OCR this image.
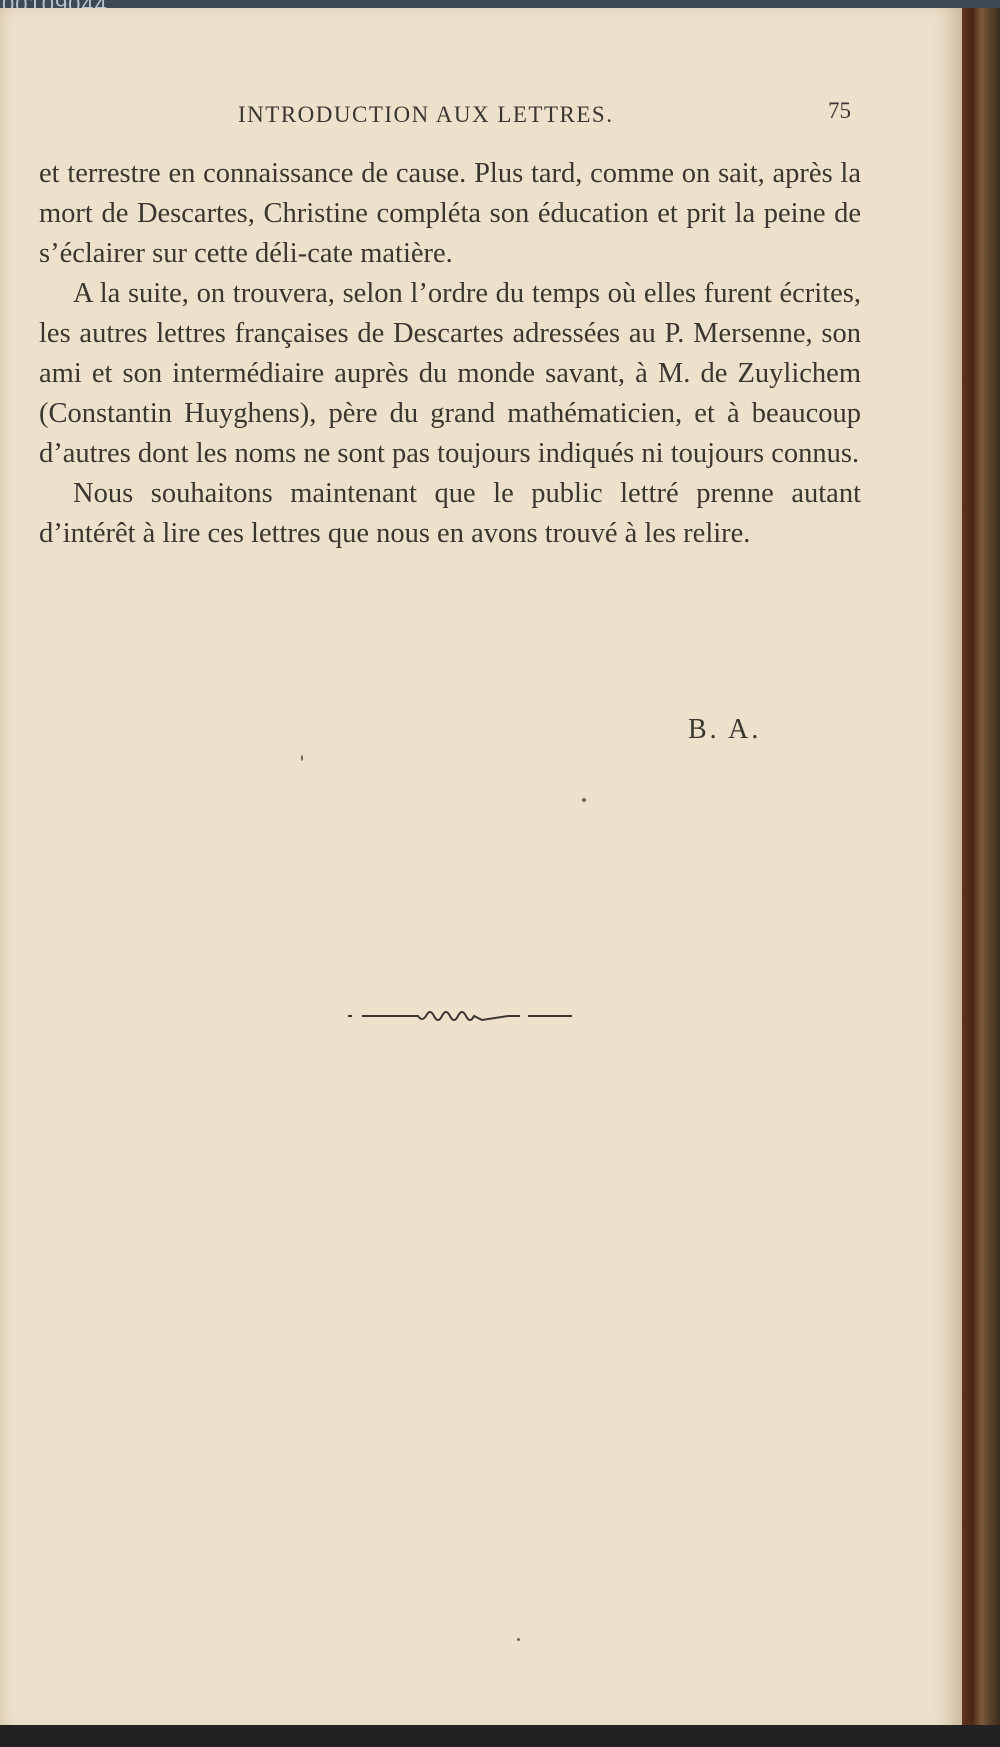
INTRODUCTION AUX LETTRES.	75

et terrestre en connaissance de cause. Plus tard, comme on sait, après la mort de Descartes, Christine compléta son éducation et prit la peine de s’éclairer sur cette déli-cate matière.

A la suite, on trouvera, selon l’ordre du temps où elles furent écrites, les autres lettres françaises de Descartes adressées au P. Mersenne, son ami et son intermédiaire auprès du monde savant, à M. de Zuylichem (Constantin Huyghens), père du grand mathématicien, et à beaucoup d’autres dont les noms ne sont pas toujours indiqués ni toujours connus.

Nous souhaitons maintenant que le public lettré prenne autant d’intérêt à lire ces lettres que nous en avons trouvé à les relire.

B. A.
